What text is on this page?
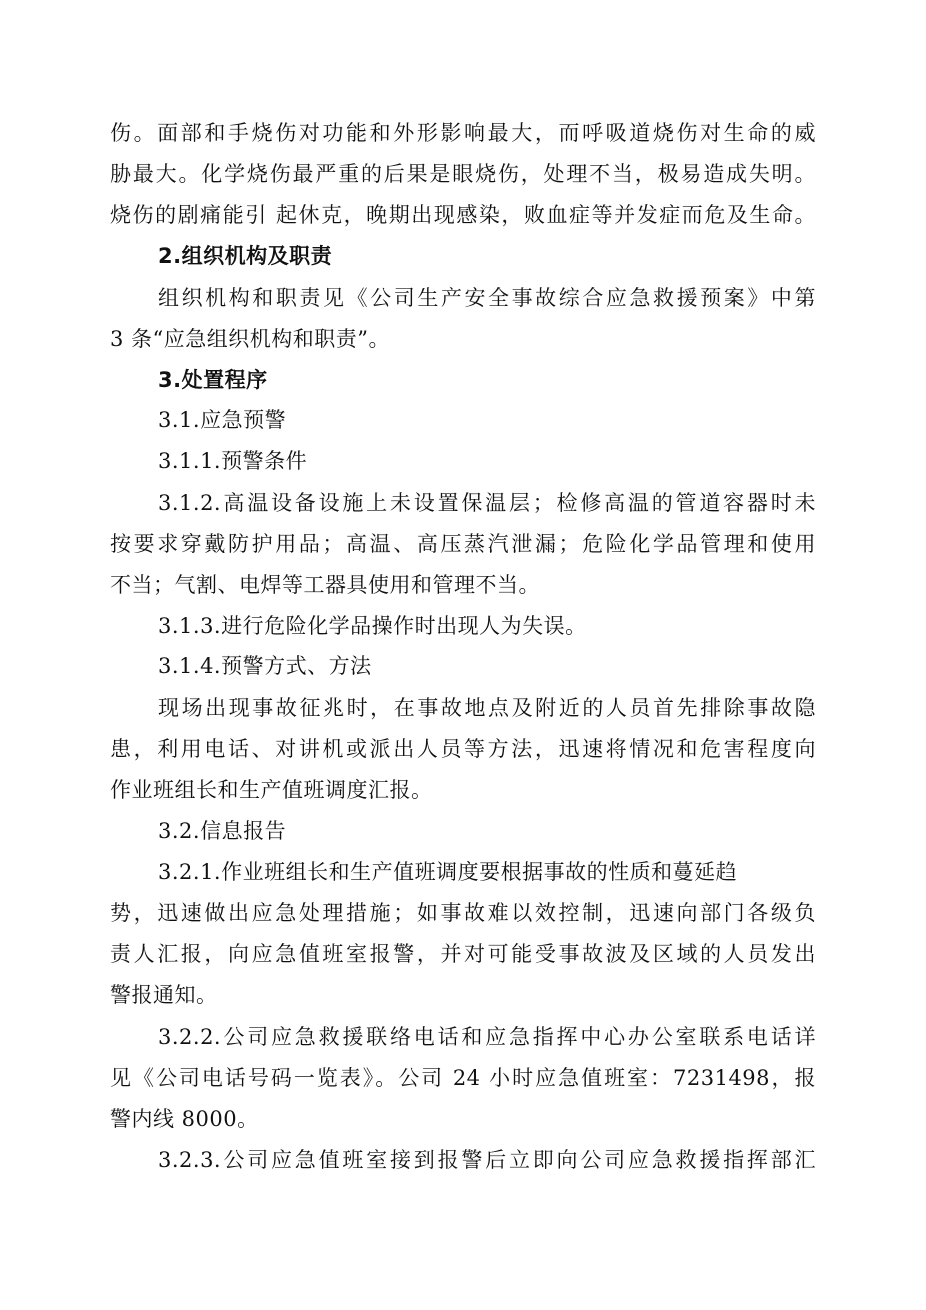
伤。面部和手烧伤对功能和外形影响最大，而呼吸道烧伤对生命的威
胁最大。化学烧伤最严重的后果是眼烧伤，处理不当，极易造成失明。
烧伤的剧痛能引 起休克，晚期出现感染，败血症等并发症而危及生命。
2.组织机构及职责
组织机构和职责见《公司生产安全事故综合应急救援预案》中第
3 条“应急组织机构和职责”。
3.处置程序
3.1.应急预警
3.1.1.预警条件
3.1.2.高温设备设施上未设置保温层；检修高温的管道容器时未
按要求穿戴防护用品；高温、高压蒸汽泄漏；危险化学品管理和使用
不当；气割、电焊等工器具使用和管理不当。
3.1.3.进行危险化学品操作时出现人为失误。
3.1.4.预警方式、方法
现场出现事故征兆时，在事故地点及附近的人员首先排除事故隐
患，利用电话、对讲机或派出人员等方法，迅速将情况和危害程度向
作业班组长和生产值班调度汇报。
3.2.信息报告
3.2.1.作业班组长和生产值班调度要根据事故的性质和蔓延趋
势，迅速做出应急处理措施；如事故难以效控制，迅速向部门各级负
责人汇报，向应急值班室报警，并对可能受事故波及区域的人员发出
警报通知。
3.2.2.公司应急救援联络电话和应急指挥中心办公室联系电话详
见《公司电话号码一览表》。公司 24 小时应急值班室：7231498，报
警内线 8000。
3.2.3.公司应急值班室接到报警后立即向公司应急救援指挥部汇
